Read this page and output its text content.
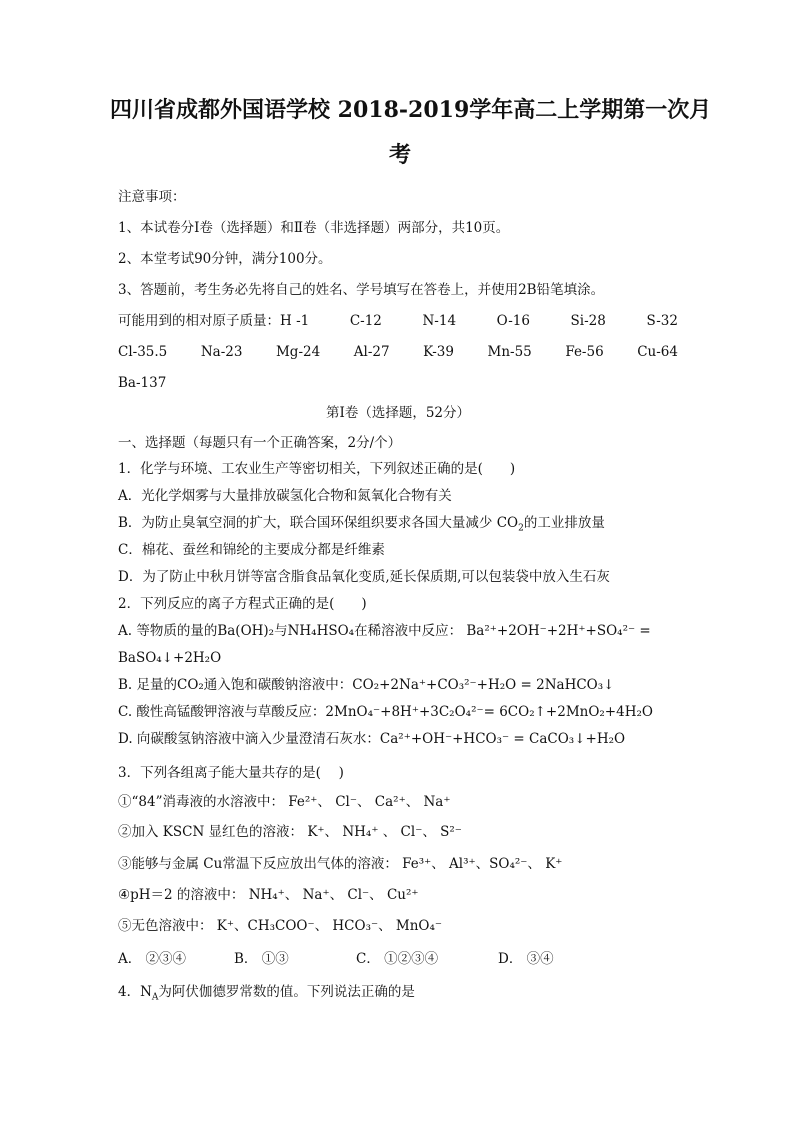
四川省成都外国语学校 2018-2019学年高二上学期第一次月
考
注意事项：
1、本试卷分Ⅰ卷（选择题）和Ⅱ卷（非选择题）两部分，共10页。
2、本堂考试90分钟，满分100分。
3、答题前，考生务必先将自己的姓名、学号填写在答卷上，并使用2B铅笔填涂。
可能用到的相对原子质量：H -1	C-12	N-14	O-16	Si-28	S-32
Cl-35.5 Na-23 Mg-24 Al-27 K-39 Mn-55 Fe-56 Cu-64
Ba-137
第Ⅰ卷（选择题，52分）
一、选择题（每题只有一个正确答案，2分/个）
1．化学与环境、工农业生产等密切相关，下列叙述正确的是(　　)
A．光化学烟雾与大量排放碳氢化合物和氮氧化合物有关
B．为防止臭氧空洞的扩大，联合国环保组织要求各国大量减少 $CO_2$的工业排放量
C．棉花、蚕丝和锦纶的主要成分都是纤维素
D．为了防止中秋月饼等富含脂食品氧化变质,延长保质期,可以包装袋中放入生石灰
2．下列反应的离子方程式正确的是(　　)
A. 等物质的量的Ba(OH)₂与NH₄HSO₄在稀溶液中反应： Ba²⁺+2OH⁻+2H⁺+SO₄²⁻ =
BaSO₄↓+2H₂O
B. 足量的CO₂通入饱和碳酸钠溶液中：CO₂+2Na⁺+CO₃²⁻+H₂O = 2NaHCO₃↓
C. 酸性高锰酸钾溶液与草酸反应：2MnO₄⁻+8H⁺+3C₂O₄²⁻= 6CO₂↑+2MnO₂+4H₂O
D. 向碳酸氢钠溶液中滴入少量澄清石灰水：Ca²⁺+OH⁻+HCO₃⁻ = CaCO₃↓+H₂O
3．下列各组离子能大量共存的是(　 )
①“84”消毒液的水溶液中： Fe²⁺、 Cl⁻、 Ca²⁺、 Na⁺
②加入 KSCN 显红色的溶液： K⁺、 NH₄⁺ 、 Cl⁻、 S²⁻
③能够与金属 Cu常温下反应放出气体的溶液： Fe³⁺、 Al³⁺、SO₄²⁻、 K⁺
④pH＝2 的溶液中： NH₄⁺、 Na⁺、 Cl⁻、 Cu²⁺
⑤无色溶液中： K⁺、CH₃COO⁻、 HCO₃⁻、 MnO₄⁻
A． ②③④	B． ①③	C． ①②③④	D． ③④
4．$N_A$为阿伏伽德罗常数的值。下列说法正确的是
